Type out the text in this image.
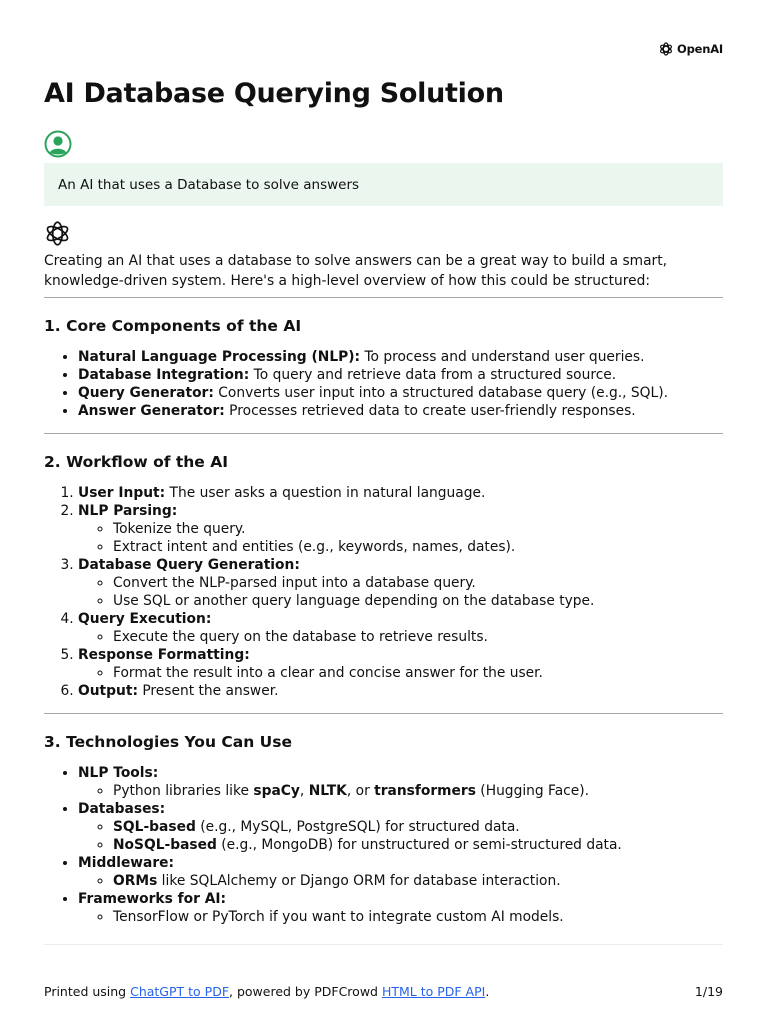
OpenAI
AI Database Querying Solution
An AI that uses a Database to solve answers

Creating an AI that uses a database to solve answers can be a great way to build a smart, knowledge-driven system. Here's a high-level overview of how this could be structured:

1. Core Components of the AI
• Natural Language Processing (NLP): To process and understand user queries.
• Database Integration: To query and retrieve data from a structured source.
• Query Generator: Converts user input into a structured database query (e.g., SQL).
• Answer Generator: Processes retrieved data to create user-friendly responses.
2. Workflow of the AI
1. User Input: The user asks a question in natural language.
2. NLP Parsing:
◦ Tokenize the query.
◦ Extract intent and entities (e.g., keywords, names, dates).
3. Database Query Generation:
◦ Convert the NLP-parsed input into a database query.
◦ Use SQL or another query language depending on the database type.
4. Query Execution:
◦ Execute the query on the database to retrieve results.
5. Response Formatting:
◦ Format the result into a clear and concise answer for the user.
6. Output: Present the answer.
3. Technologies You Can Use
• NLP Tools:
◦ Python libraries like spaCy, NLTK, or transformers (Hugging Face).
• Databases:
◦ SQL-based (e.g., MySQL, PostgreSQL) for structured data.
◦ NoSQL-based (e.g., MongoDB) for unstructured or semi-structured data.
• Middleware:
◦ ORMs like SQLAlchemy or Django ORM for database interaction.
• Frameworks for AI:
◦ TensorFlow or PyTorch if you want to integrate custom AI models.
Printed using ChatGPT to PDF, powered by PDFCrowd HTML to PDF API.	1/19
